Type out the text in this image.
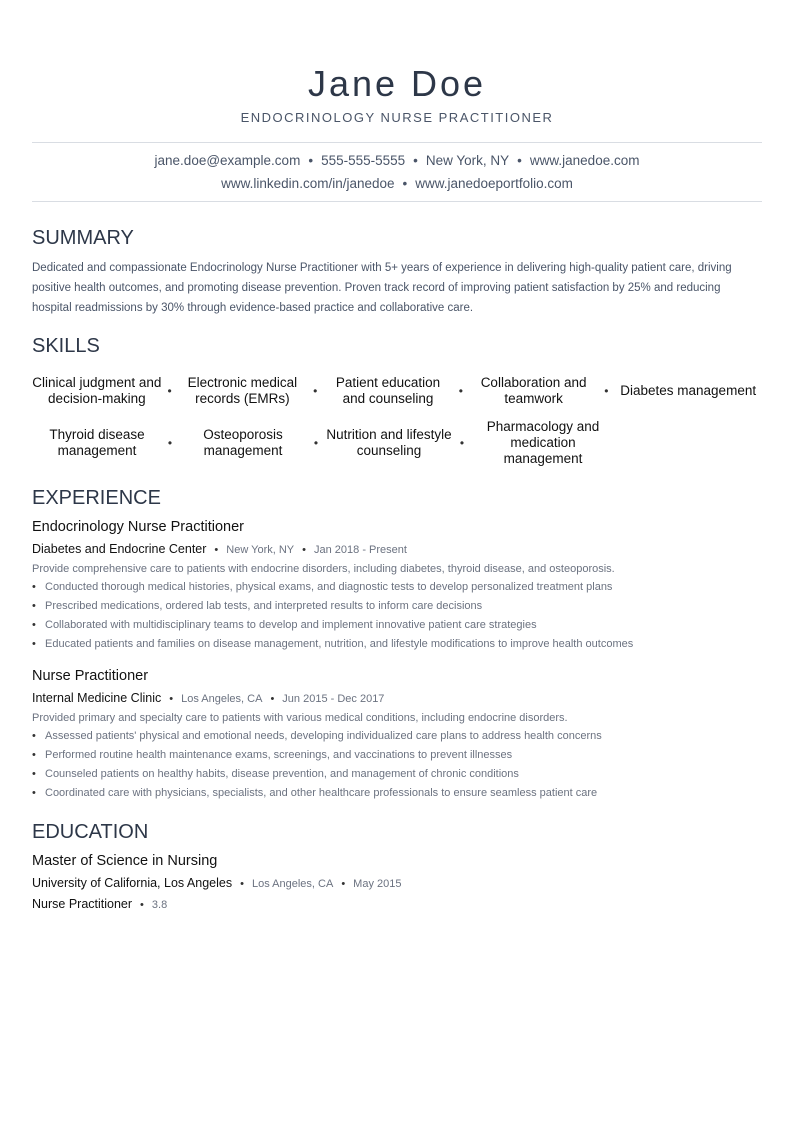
Jane Doe
ENDOCRINOLOGY NURSE PRACTITIONER
jane.doe@example.com • 555-555-5555 • New York, NY • www.janedoe.com
www.linkedin.com/in/janedoe • www.janedoeportfolio.com
SUMMARY
Dedicated and compassionate Endocrinology Nurse Practitioner with 5+ years of experience in delivering high-quality patient care, driving positive health outcomes, and promoting disease prevention. Proven track record of improving patient satisfaction by 25% and reducing hospital readmissions by 30% through evidence-based practice and collaborative care.
SKILLS
Clinical judgment and decision-making	•
Electronic medical records (EMRs)	•
Patient education and counseling	•
Collaboration and teamwork	• Diabetes management
Thyroid disease management	•
Osteoporosis management	•
Nutrition and lifestyle counseling	•
Pharmacology and medication management
EXPERIENCE
Endocrinology Nurse Practitioner
Diabetes and Endocrine Center • New York, NY • Jan 2018 - Present
Provide comprehensive care to patients with endocrine disorders, including diabetes, thyroid disease, and osteoporosis.
• Conducted thorough medical histories, physical exams, and diagnostic tests to develop personalized treatment plans
• Prescribed medications, ordered lab tests, and interpreted results to inform care decisions
• Collaborated with multidisciplinary teams to develop and implement innovative patient care strategies
• Educated patients and families on disease management, nutrition, and lifestyle modifications to improve health outcomes
Nurse Practitioner
Internal Medicine Clinic • Los Angeles, CA • Jun 2015 - Dec 2017
Provided primary and specialty care to patients with various medical conditions, including endocrine disorders.
• Assessed patients' physical and emotional needs, developing individualized care plans to address health concerns
• Performed routine health maintenance exams, screenings, and vaccinations to prevent illnesses
• Counseled patients on healthy habits, disease prevention, and management of chronic conditions
• Coordinated care with physicians, specialists, and other healthcare professionals to ensure seamless patient care
EDUCATION
Master of Science in Nursing
University of California, Los Angeles • Los Angeles, CA • May 2015
Nurse Practitioner • 3.8
